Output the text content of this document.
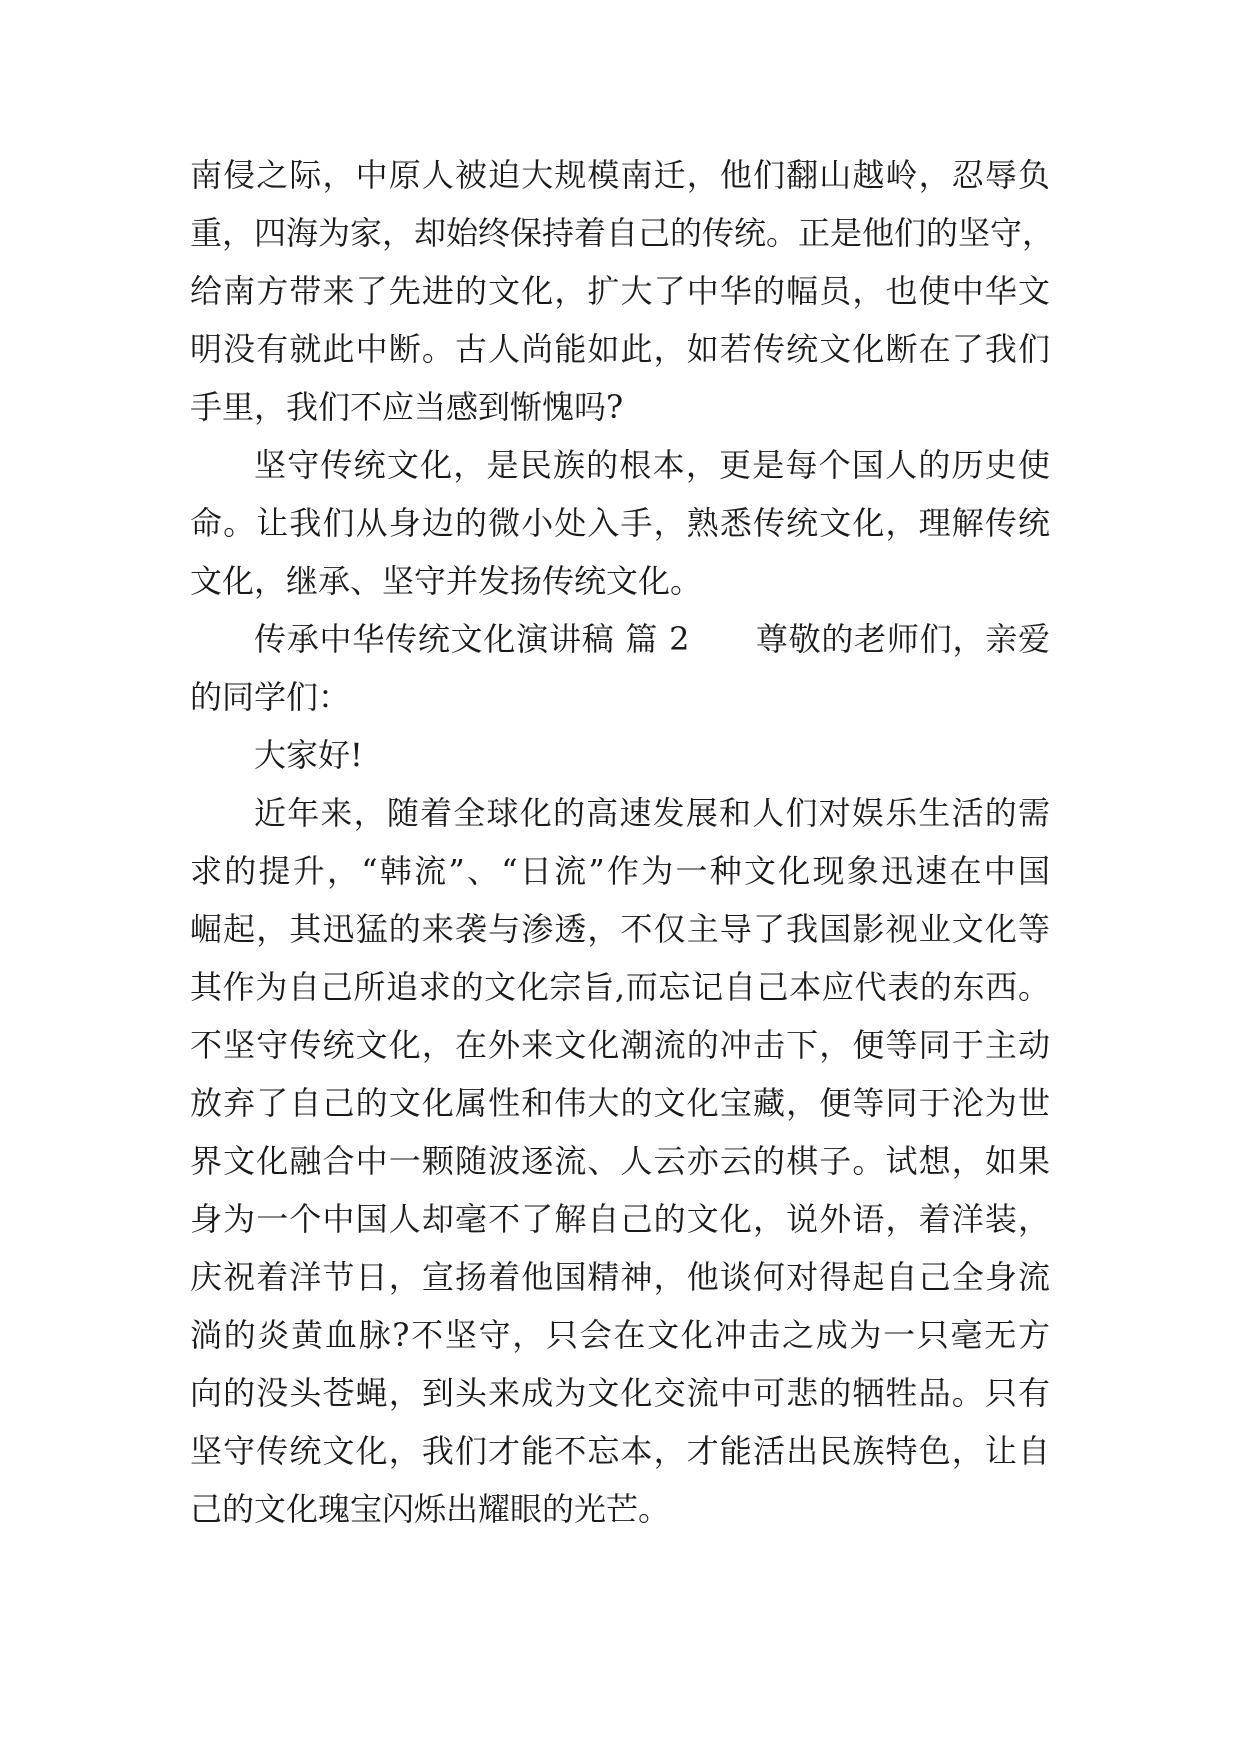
南侵之际，中原人被迫大规模南迁，他们翻山越岭，忍辱负
重，四海为家，却始终保持着自己的传统。正是他们的坚守，
给南方带来了先进的文化，扩大了中华的幅员，也使中华文
明没有就此中断。古人尚能如此，如若传统文化断在了我们
手里，我们不应当感到惭愧吗?
坚守传统文化，是民族的根本，更是每个国人的历史使
命。让我们从身边的微小处入手，熟悉传统文化，理解传统
文化，继承、坚守并发扬传统文化。
传承中华传统文化演讲稿 篇 2　　尊敬的老师们，亲爱
的同学们：
大家好!
近年来，随着全球化的高速发展和人们对娱乐生活的需
求的提升，“韩流”、“日流”作为一种文化现象迅速在中国
崛起，其迅猛的来袭与渗透，不仅主导了我国影视业文化等
其作为自己所追求的文化宗旨,而忘记自己本应代表的东西。
不坚守传统文化，在外来文化潮流的冲击下，便等同于主动
放弃了自己的文化属性和伟大的文化宝藏，便等同于沦为世
界文化融合中一颗随波逐流、人云亦云的棋子。试想，如果
身为一个中国人却毫不了解自己的文化，说外语，着洋装，
庆祝着洋节日，宣扬着他国精神，他谈何对得起自己全身流
淌的炎黄血脉?不坚守，只会在文化冲击之成为一只毫无方
向的没头苍蝇，到头来成为文化交流中可悲的牺牲品。只有
坚守传统文化，我们才能不忘本，才能活出民族特色，让自
己的文化瑰宝闪烁出耀眼的光芒。
